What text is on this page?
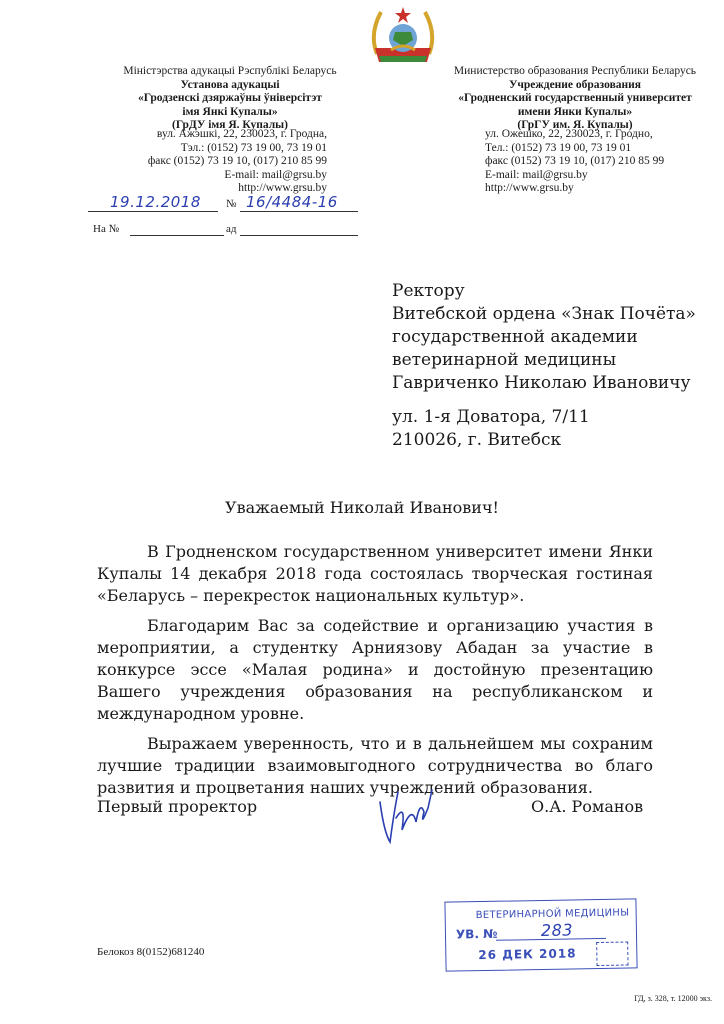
Міністэрства адукацыі Рэспублікі Беларусь
Установа адукацыі
«Гродзенскі дзяржаўны ўніверсітэт
імя Янкі Купалы»
(ГрДУ імя Я. Купалы)
вул. Ажэшкі, 22, 230023, г. Гродна,
Тэл.: (0152) 73 19 00, 73 19 01
факс (0152) 73 19 10, (017) 210 85 99
E-mail: mail@grsu.by
http://www.grsu.by
Министерство образования Республики Беларусь
Учреждение образования
«Гродненский государственный университет
имени Янки Купалы»
(ГрГУ им. Я. Купалы)
ул. Ожешко, 22, 230023, г. Гродно,
Тел.: (0152) 73 19 00, 73 19 01
факс (0152) 73 19 10, (017) 210 85 99
E-mail: mail@grsu.by
http://www.grsu.by
19.12.2018 № 16/4484-16
На №	ад
Ректору
Витебской ордена «Знак Почёта»
государственной академии
ветеринарной медицины
Гавриченко Николаю Ивановичу
ул. 1-я Доватора, 7/11
210026, г. Витебск
Уважаемый Николай Иванович!

В Гродненском государственном университет имени Янки Купалы 14 декабря 2018 года состоялась творческая гостиная «Беларусь – перекресток национальных культур».

Благодарим Вас за содействие и организацию участия в мероприятии, а студентку Арниязову Абадан за участие в конкурсе эссе «Малая родина» и достойную презентацию Вашего учреждения образования на республиканском и международном уровне.

Выражаем уверенность, что и в дальнейшем мы сохраним лучшие традиции взаимовыгодного сотрудничества во благо развития и процветания наших учреждений образования.

Первый проректор	О.А. Романов
Белокоз 8(0152)681240
ВЕТЕРИНАРНОЙ МЕДИЦИНЫ
УВ. №	283
26 ДЕК 2018
ГД, з. 328, т. 12000 экз.
